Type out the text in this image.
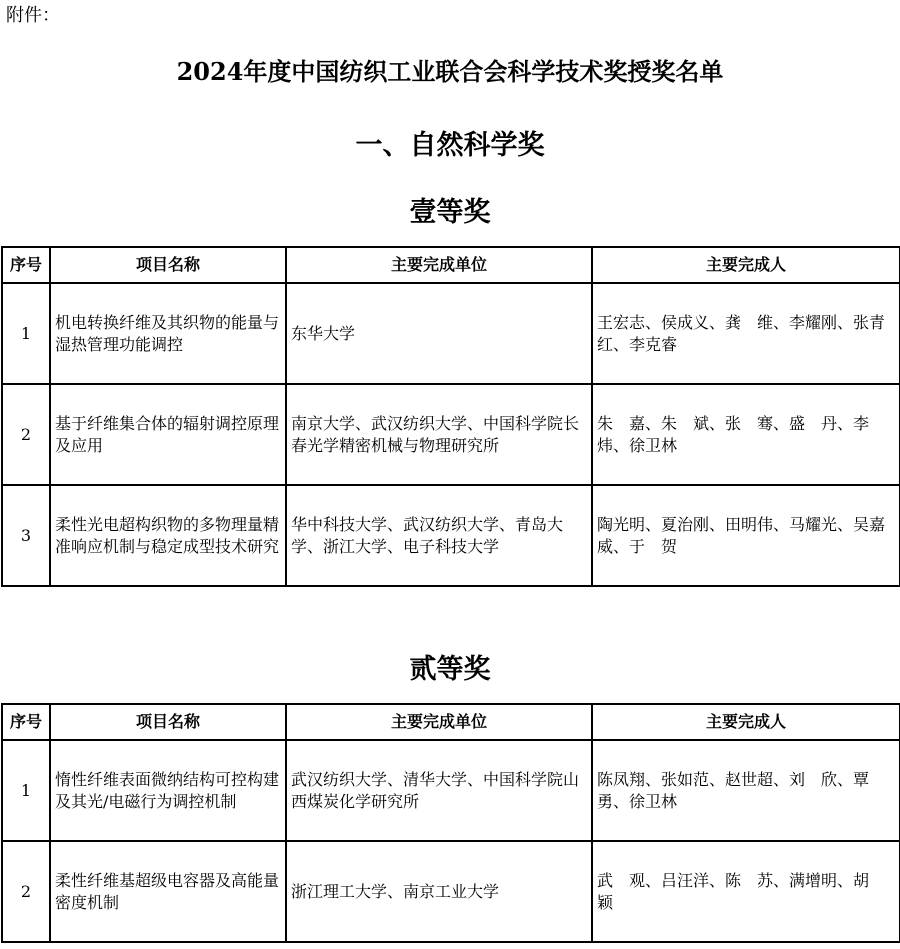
附件：
2024年度中国纺织工业联合会科学技术奖授奖名单
一、自然科学奖
壹等奖
序号	项目名称	主要完成单位	主要完成人
1	机电转换纤维及其织物的能量与湿热管理功能调控	东华大学	王宏志、侯成义、龚　维、李耀刚、张青红、李克睿
2	基于纤维集合体的辐射调控原理及应用	南京大学、武汉纺织大学、中国科学院长春光学精密机械与物理研究所	朱　嘉、朱　斌、张　骞、盛　丹、李　炜、徐卫林
3	柔性光电超构织物的多物理量精准响应机制与稳定成型技术研究	华中科技大学、武汉纺织大学、青岛大学、浙江大学、电子科技大学	陶光明、夏治刚、田明伟、马耀光、吴嘉威、于　贺
贰等奖
序号	项目名称	主要完成单位	主要完成人
1	惰性纤维表面微纳结构可控构建及其光/电磁行为调控机制	武汉纺织大学、清华大学、中国科学院山西煤炭化学研究所	陈凤翔、张如范、赵世超、刘　欣、覃　勇、徐卫林
2	柔性纤维基超级电容器及高能量密度机制	浙江理工大学、南京工业大学	武　观、吕汪洋、陈　苏、满增明、胡　颖
